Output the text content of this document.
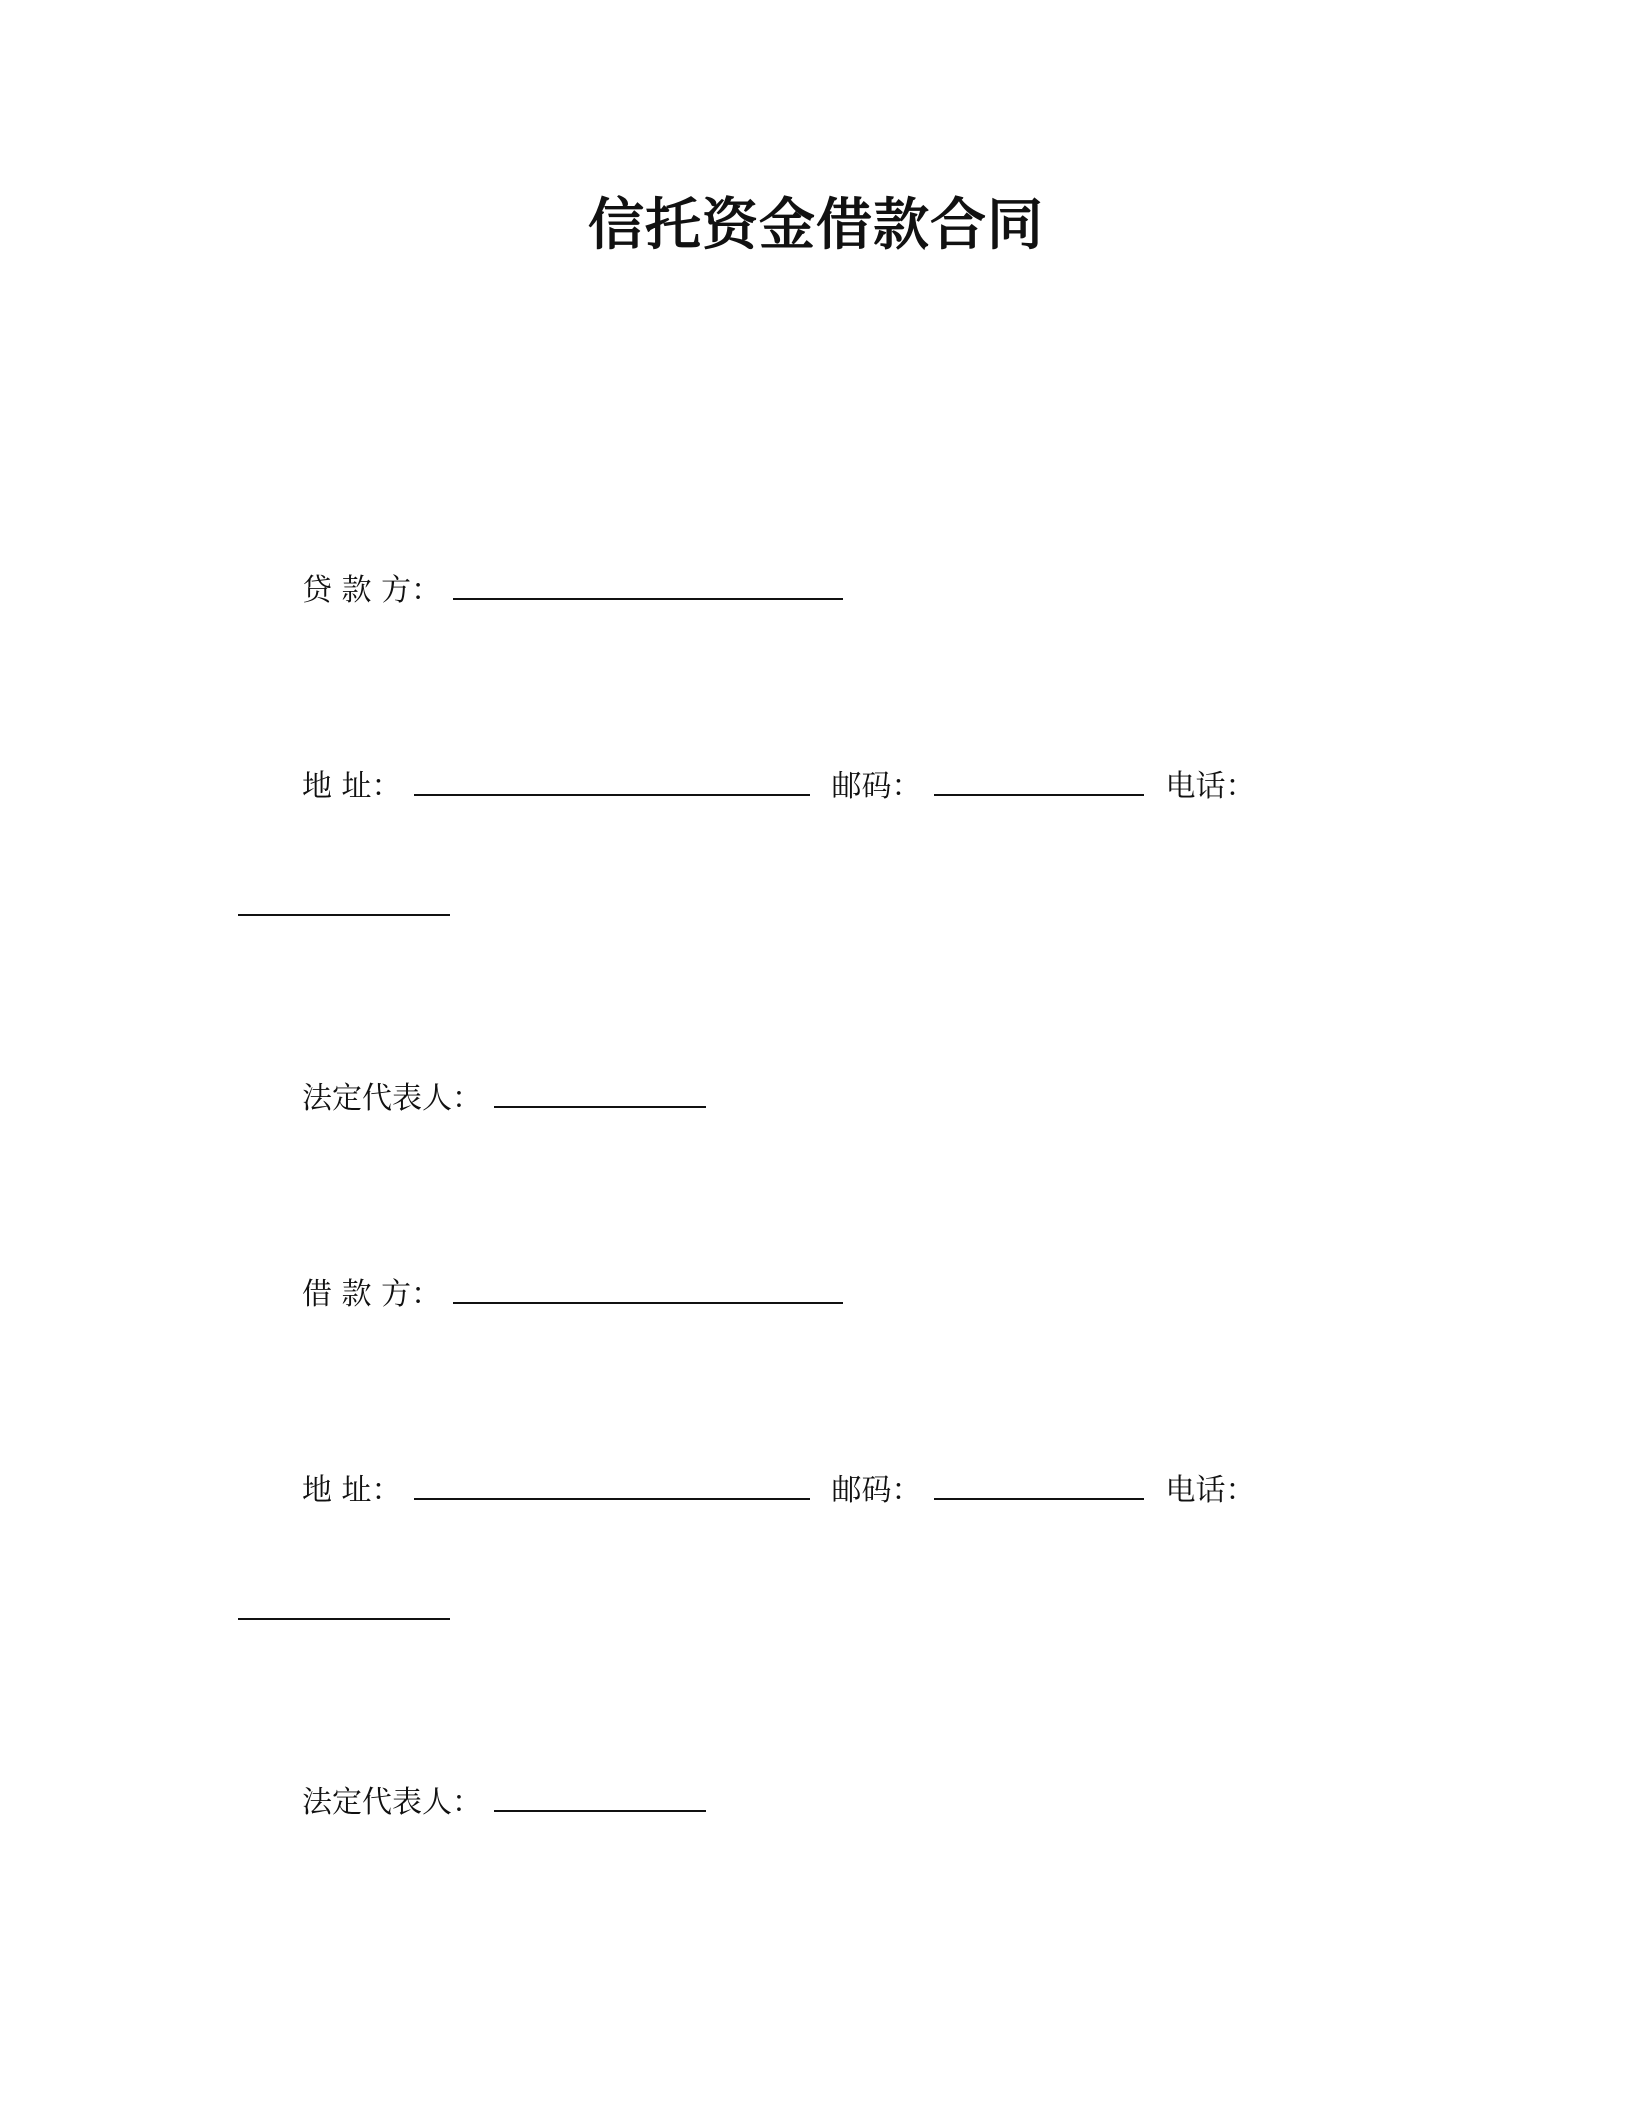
信托资金借款合同
贷 款 方：
地 址：	邮码：	电话：
法定代表人：
借 款 方：
地 址：	邮码：	电话：
法定代表人：
